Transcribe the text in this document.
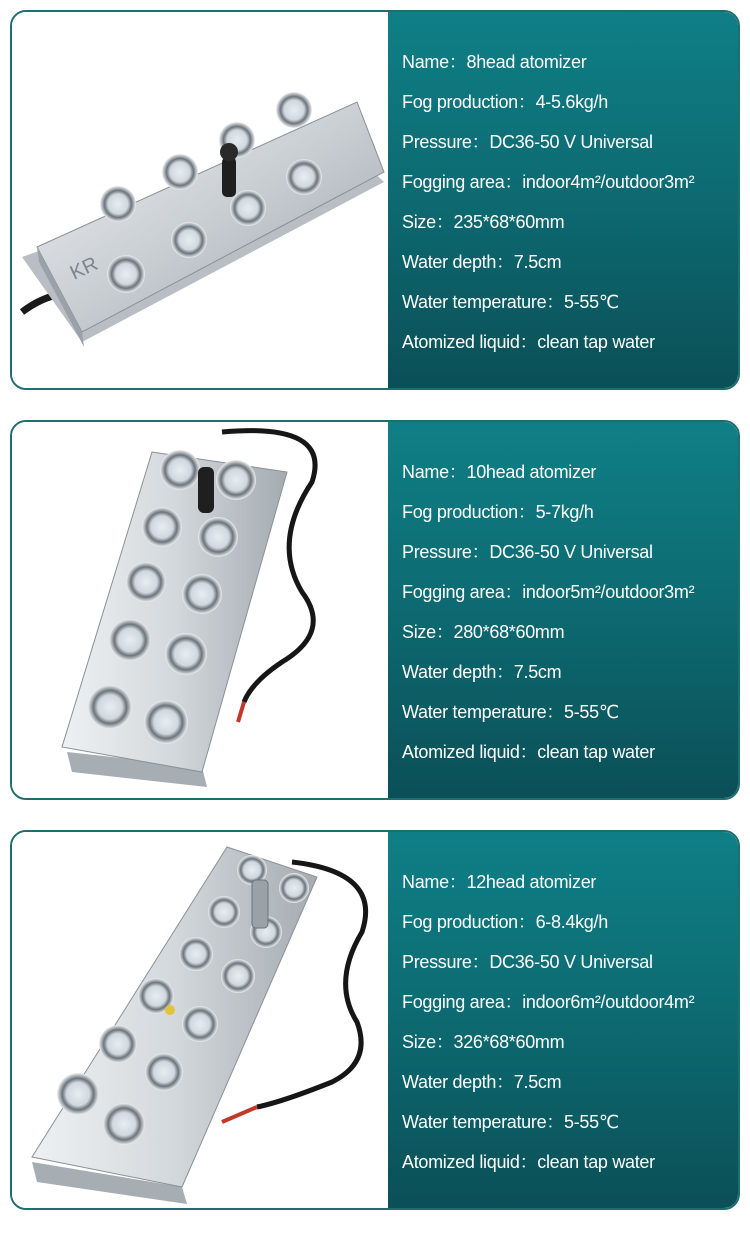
KR
Name：8head atomizer
Fog production：4-5.6kg/h
Pressure：DC36-50 V Universal
Fogging area：indoor4m²/outdoor3m²
Size：235*68*60mm
Water depth：7.5cm
Water temperature：5-55℃
Atomized liquid：clean tap water
Name：10head atomizer
Fog production：5-7kg/h
Pressure：DC36-50 V Universal
Fogging area：indoor5m²/outdoor3m²
Size：280*68*60mm
Water depth：7.5cm
Water temperature：5-55℃
Atomized liquid：clean tap water
Name：12head atomizer
Fog production：6-8.4kg/h
Pressure：DC36-50 V Universal
Fogging area：indoor6m²/outdoor4m²
Size：326*68*60mm
Water depth：7.5cm
Water temperature：5-55℃
Atomized liquid：clean tap water
